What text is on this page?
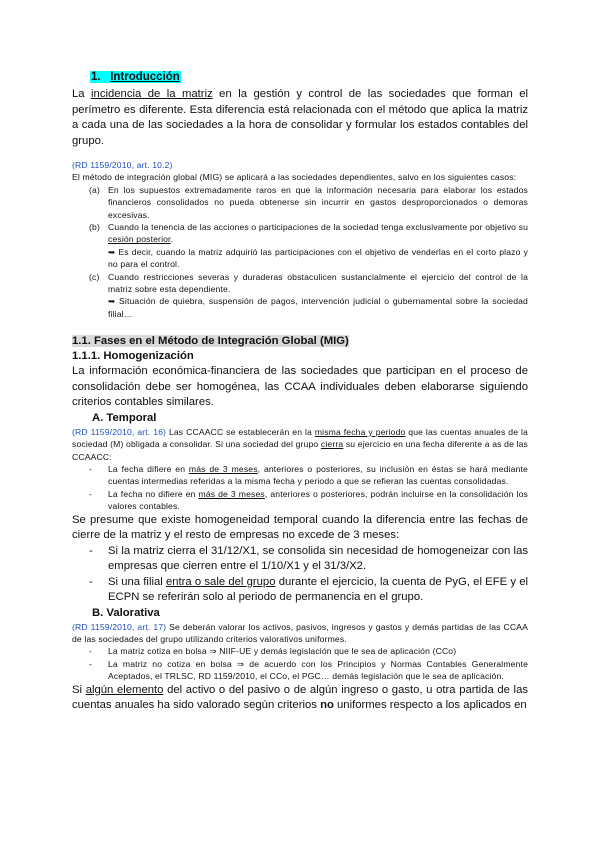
1. Introducción

La incidencia de la matriz en la gestión y control de las sociedades que forman el perímetro es diferente. Esta diferencia está relacionada con el método que aplica la matriz a cada una de las sociedades a la hora de consolidar y formular los estados contables del grupo.

(RD 1159/2010, art. 10.2)

El método de integración global (MIG) se aplicará a las sociedades dependientes, salvo en los siguientes casos:

(a) En los supuestos extremadamente raros en que la información necesaria para elaborar los estados financieros consolidados no pueda obtenerse sin incurrir en gastos desproporcionados o demoras excesivas.
(b) Cuando la tenencia de las acciones o participaciones de la sociedad tenga exclusivamente por objetivo su cesión posterior.
➥ Es decir, cuando la matriz adquirió las participaciones con el objetivo de venderlas en el corto plazo y no para el control.
(c) Cuando restricciones severas y duraderas obstaculicen sustancialmente el ejercicio del control de la matriz sobre esta dependiente.
➥ Situación de quiebra, suspensión de pagos, intervención judicial o gubernamental sobre la sociedad filial…

1.1. Fases en el Método de Integración Global (MIG)

1.1.1. Homogenización

La información económica-financiera de las sociedades que participan en el proceso de consolidación debe ser homogénea, las CCAA individuales deben elaborarse siguiendo criterios contables similares.

A. Temporal

(RD 1159/2010, art. 16) Las CCAACC se establecerán en la misma fecha y periodo que las cuentas anuales de la sociedad (M) obligada a consolidar. Si una sociedad del grupo cierra su ejercicio en una fecha diferente a as de las CCAACC:

- La fecha difiere en más de 3 meses, anteriores o posteriores, su inclusión en éstas se hará mediante cuentas intermedias referidas a la misma fecha y periodo a que se refieran las cuentas consolidadas.
- La fecha no difiere en más de 3 meses, anteriores o posteriores, podrán incluirse en la consolidación los valores contables.

Se presume que existe homogeneidad temporal cuando la diferencia entre las fechas de cierre de la matriz y el resto de empresas no excede de 3 meses:

- Si la matriz cierra el 31/12/X1, se consolida sin necesidad de homogeneizar con las empresas que cierren entre el 1/10/X1 y el 31/3/X2.
- Si una filial entra o sale del grupo durante el ejercicio, la cuenta de PyG, el EFE y el ECPN se referirán solo al periodo de permanencia en el grupo.

B. Valorativa

(RD 1159/2010, art. 17) Se deberán valorar los activos, pasivos, ingresos y gastos y demás partidas de las CCAA de las sociedades del grupo utilizando criterios valorativos uniformes.

- La matriz cotiza en bolsa ⇒ NIIF-UE y demás legislación que le sea de aplicación (CCo)
- La matriz no cotiza en bolsa ⇒ de acuerdo con los Principios y Normas Contables Generalmente Aceptados, el TRLSC, RD 1159/2010, el CCo, el PGC… demás legislación que le sea de aplicación.

Si algún elemento del activo o del pasivo o de algún ingreso o gasto, u otra partida de las cuentas anuales ha sido valorado según criterios no uniformes respecto a los aplicados en
